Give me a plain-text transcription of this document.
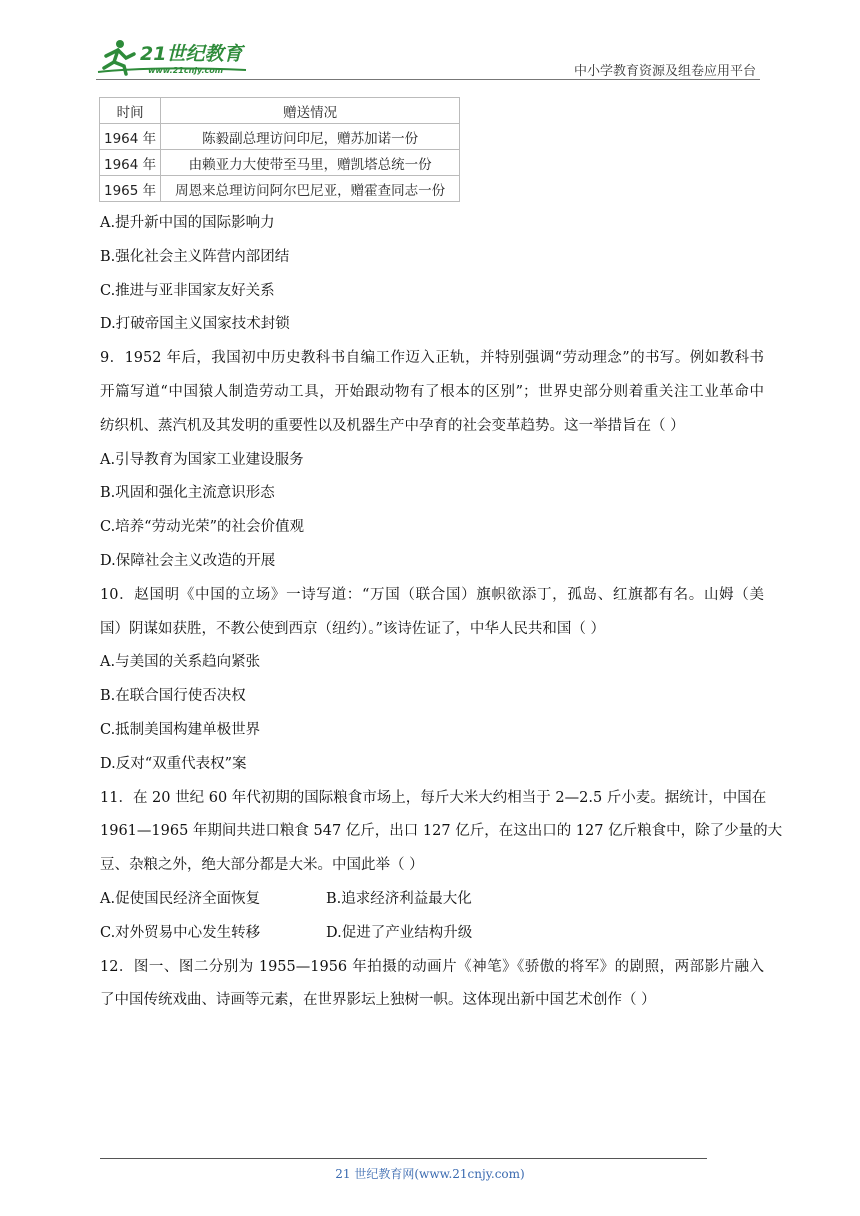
21世纪教育
www.21cnjy.com	中小学教育资源及组卷应用平台
时间	赠送情况
1964 年	陈毅副总理访问印尼，赠苏加诺一份
1964 年	由赖亚力大使带至马里，赠凯塔总统一份
1965 年	周恩来总理访问阿尔巴尼亚，赠霍查同志一份
A.提升新中国的国际影响力
B.强化社会主义阵营内部团结
C.推进与亚非国家友好关系
D.打破帝国主义国家技术封锁
9．1952 年后，我国初中历史教科书自编工作迈入正轨，并特别强调“劳动理念”的书写。例如教科书
开篇写道“中国猿人制造劳动工具，开始跟动物有了根本的区别”；世界史部分则着重关注工业革命中
纺织机、蒸汽机及其发明的重要性以及机器生产中孕育的社会变革趋势。这一举措旨在（ ）
A.引导教育为国家工业建设服务
B.巩固和强化主流意识形态
C.培养“劳动光荣”的社会价值观
D.保障社会主义改造的开展
10．赵国明《中国的立场》一诗写道：“万国（联合国）旗帜欲添丁，孤岛、红旗都有名。山姆（美
国）阴谋如获胜，不教公使到西京（纽约）。”该诗佐证了，中华人民共和国（ ）
A.与美国的关系趋向紧张
B.在联合国行使否决权
C.抵制美国构建单极世界
D.反对“双重代表权”案
11．在 20 世纪 60 年代初期的国际粮食市场上，每斤大米大约相当于 2—2.5 斤小麦。据统计，中国在
1961—1965 年期间共进口粮食 547 亿斤，出口 127 亿斤，在这出口的 127 亿斤粮食中，除了少量的大
豆、杂粮之外，绝大部分都是大米。中国此举（ ）
A.促使国民经济全面恢复	B.追求经济利益最大化
C.对外贸易中心发生转移	D.促进了产业结构升级
12．图一、图二分别为 1955—1956 年拍摄的动画片《神笔》《骄傲的将军》的剧照，两部影片融入
了中国传统戏曲、诗画等元素，在世界影坛上独树一帜。这体现出新中国艺术创作（ ）
21 世纪教育网(www.21cnjy.com)
